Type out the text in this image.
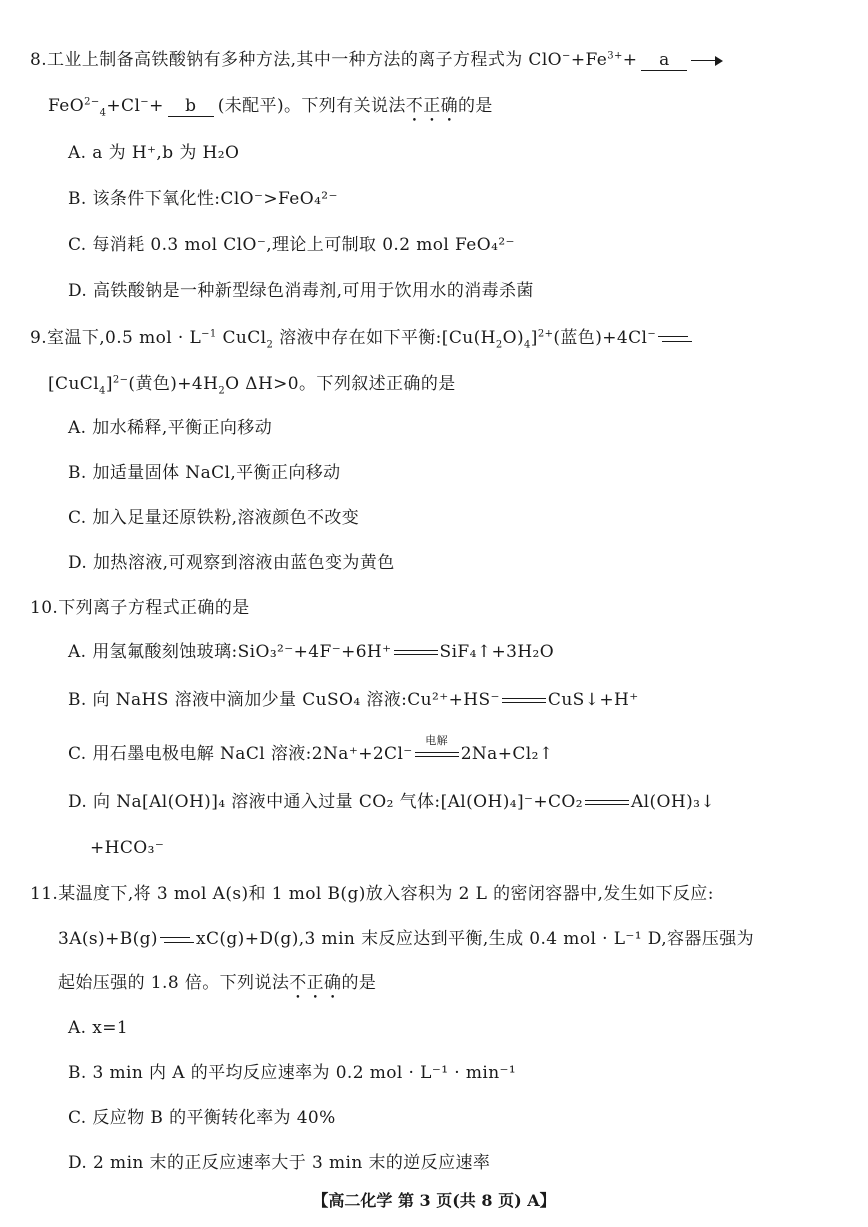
8.工业上制备高铁酸钠有多种方法,其中一种方法的离子方程式为 $ClO^-+Fe^{3+}+ a$
FeO$^{2-}_4$+Cl−+ b (未配平)。下列有关说法不正确的是
A. a 为 H⁺,b 为 H₂O
B. 该条件下氧化性:ClO⁻>FeO₄²⁻
C. 每消耗 0.3 mol ClO⁻,理论上可制取 0.2 mol FeO₄²⁻
D. 高铁酸钠是一种新型绿色消毒剂,可用于饮用水的消毒杀菌
9.室温下,0.5 mol · $L^{-1}$ CuCl$_2$ 溶液中存在如下平衡$:[Cu(H_2O)_4]^{2+}$(蓝色)+4Cl−
[CuCl$_4$]$^{2-}$(黄色)$+4H_2O$ ΔH>0。下列叙述正确的是
A. 加水稀释,平衡正向移动
B. 加适量固体 NaCl,平衡正向移动
C. 加入足量还原铁粉,溶液颜色不改变
D. 加热溶液,可观察到溶液由蓝色变为黄色
10.下列离子方程式正确的是
A. 用氢氟酸刻蚀玻璃:SiO₃²⁻+4F⁻+6H⁺	SiF₄↑+3H₂O
B. 向 NaHS 溶液中滴加少量 CuSO₄ 溶液:Cu²⁺+HS⁻	CuS↓+H⁺
C. 用石墨电极电解 NaCl 溶液:2Na⁺+2Cl⁻
电解
2Na+Cl₂↑
D. 向 Na[Al(OH)]₄ 溶液中通入过量 CO₂ 气体:[Al(OH)₄]⁻+CO₂	Al(OH)₃↓
+HCO₃⁻
11.某温度下,将 3 mol A(s)和 1 mol B(g)放入容积为 2 L 的密闭容器中,发生如下反应:
3A(s)+B(g) xC(g)+D(g),3 min 末反应达到平衡,生成 0.4 mol · L⁻¹ D,容器压强为
起始压强的 1.8 倍。下列说法不正确的是
A. x=1
B. 3 min 内 A 的平均反应速率为 0.2 mol · L⁻¹ · min⁻¹
C. 反应物 B 的平衡转化率为 40%
D. 2 min 末的正反应速率大于 3 min 末的逆反应速率
【高二化学 第 3 页(共 8 页) A】
